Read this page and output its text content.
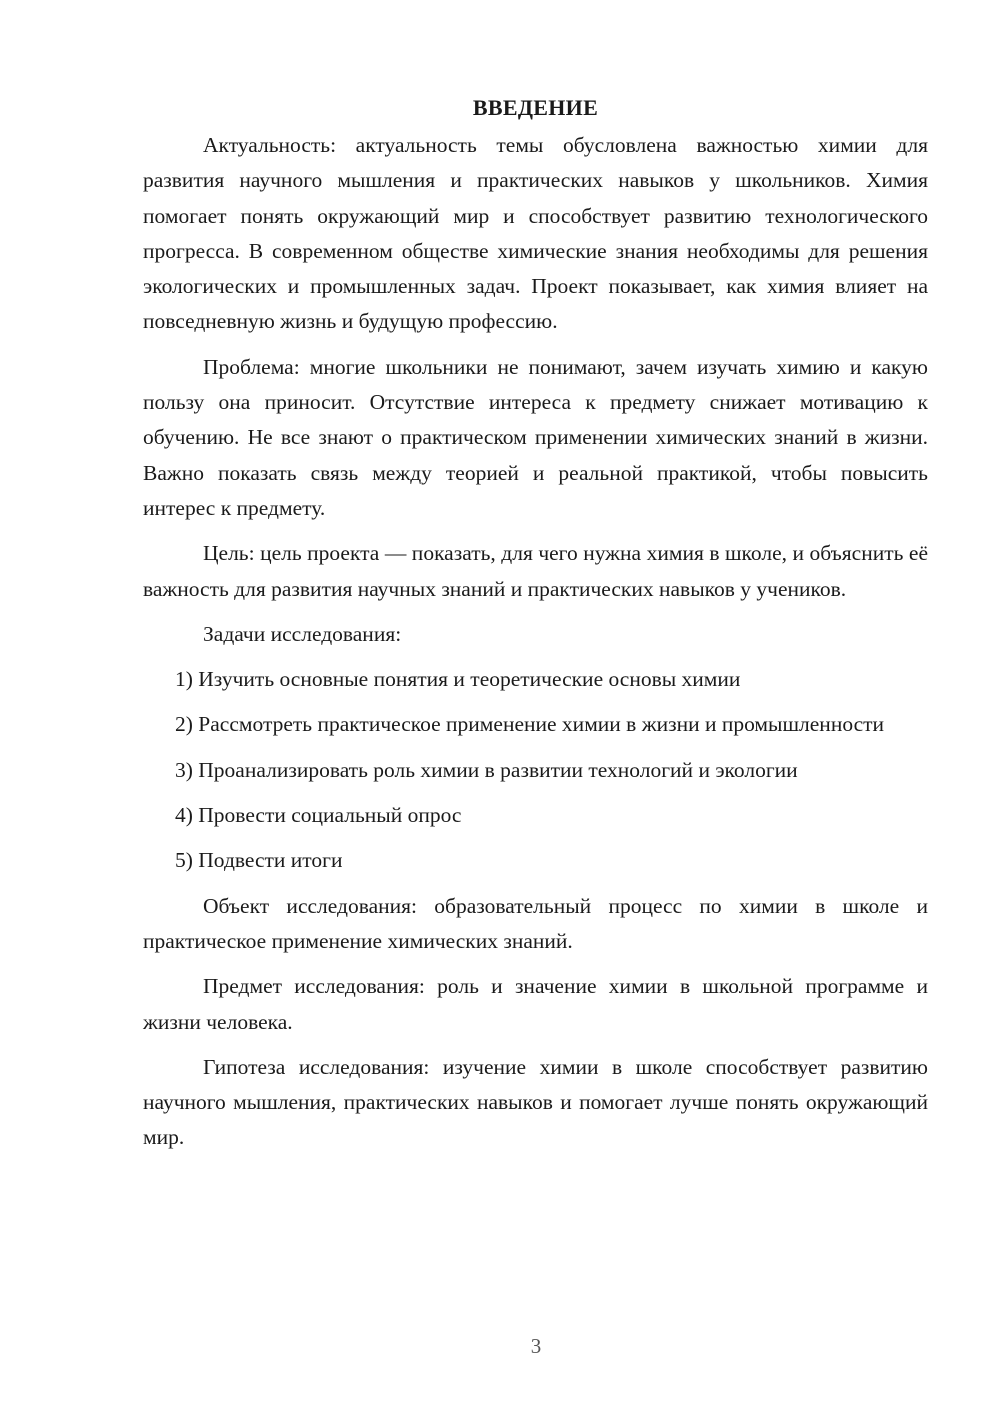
ВВЕДЕНИЕ

Актуальность: актуальность темы обусловлена важностью химии для развития научного мышления и практических навыков у школьников. Химия помогает понять окружающий мир и способствует развитию технологического прогресса. В современном обществе химические знания необходимы для решения экологических и промышленных задач. Проект показывает, как химия влияет на повседневную жизнь и будущую профессию.

Проблема: многие школьники не понимают, зачем изучать химию и какую пользу она приносит. Отсутствие интереса к предмету снижает мотивацию к обучению. Не все знают о практическом применении химических знаний в жизни. Важно показать связь между теорией и реальной практикой, чтобы повысить интерес к предмету.

Цель: цель проекта — показать, для чего нужна химия в школе, и объяснить её важность для развития научных знаний и практических навыков у учеников.

Задачи исследования:

1) Изучить основные понятия и теоретические основы химии

2) Рассмотреть практическое применение химии в жизни и промышленности

3) Проанализировать роль химии в развитии технологий и экологии

4) Провести социальный опрос

5) Подвести итоги

Объект исследования: образовательный процесс по химии в школе и практическое применение химических знаний.

Предмет исследования: роль и значение химии в школьной программе и жизни человека.

Гипотеза исследования: изучение химии в школе способствует развитию научного мышления, практических навыков и помогает лучше понять окружающий мир.

3
